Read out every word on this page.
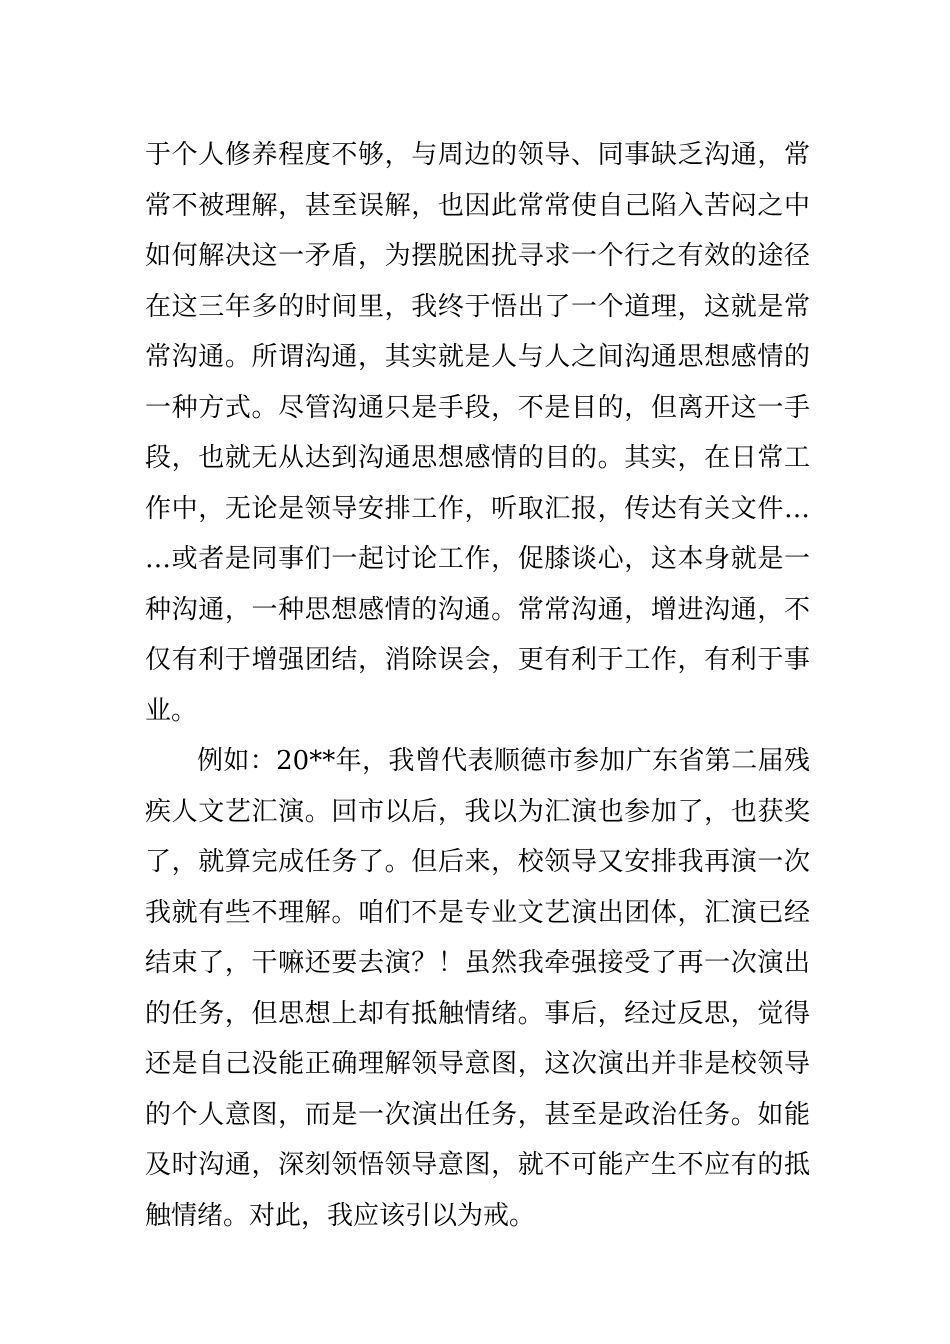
于个人修养程度不够，与周边的领导、同事缺乏沟通，常
常不被理解，甚至误解，也因此常常使自己陷入苦闷之中
如何解决这一矛盾，为摆脱困扰寻求一个行之有效的途径
在这三年多的时间里，我终于悟出了一个道理，这就是常
常沟通。所谓沟通，其实就是人与人之间沟通思想感情的
一种方式。尽管沟通只是手段，不是目的，但离开这一手
段，也就无从达到沟通思想感情的目的。其实，在日常工
作中，无论是领导安排工作，听取汇报，传达有关文件…
…或者是同事们一起讨论工作，促膝谈心，这本身就是一
种沟通，一种思想感情的沟通。常常沟通，增进沟通，不
仅有利于增强团结，消除误会，更有利于工作，有利于事
业。
例如：20**年，我曾代表顺德市参加广东省第二届残
疾人文艺汇演。回市以后，我以为汇演也参加了，也获奖
了，就算完成任务了。但后来，校领导又安排我再演一次
我就有些不理解。咱们不是专业文艺演出团体，汇演已经
结束了，干嘛还要去演？！虽然我牵强接受了再一次演出
的任务，但思想上却有抵触情绪。事后，经过反思，觉得
还是自己没能正确理解领导意图，这次演出并非是校领导
的个人意图，而是一次演出任务，甚至是政治任务。如能
及时沟通，深刻领悟领导意图，就不可能产生不应有的抵
触情绪。对此，我应该引以为戒。
